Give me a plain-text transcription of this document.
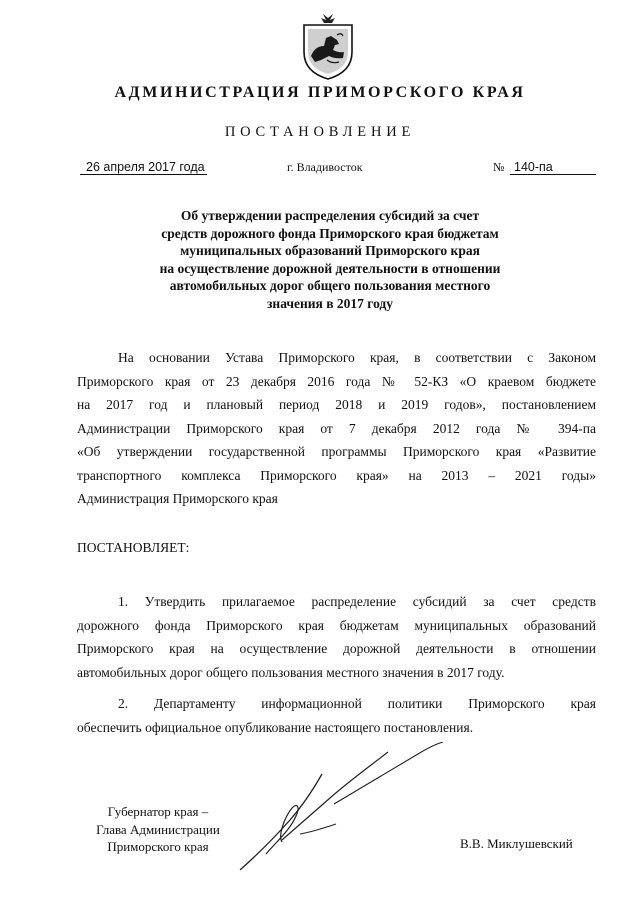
АДМИНИСТРАЦИЯ ПРИМОРСКОГО КРАЯ
ПОСТАНОВЛЕНИЕ
26 апреля 2017 года	г. Владивосток	№ 140-па
Об утверждении распределения субсидий за счет
средств дорожного фонда Приморского края бюджетам
муниципальных образований Приморского края
на осуществление дорожной деятельности в отношении
автомобильных дорог общего пользования местного
значения в 2017 году
На основании Устава Приморского края, в соответствии с Законом
Приморского края от 23 декабря 2016 года № 52-КЗ «О краевом бюджете
на 2017 год и плановый период 2018 и 2019 годов», постановлением
Администрации Приморского края от 7 декабря 2012 года № 394-па
«Об утверждении государственной программы Приморского края «Развитие
транспортного комплекса Приморского края» на 2013 – 2021 годы»
Администрация Приморского края
ПОСТАНОВЛЯЕТ:
1. Утвердить прилагаемое распределение субсидий за счет средств
дорожного фонда Приморского края бюджетам муниципальных образований
Приморского края на осуществление дорожной деятельности в отношении
автомобильных дорог общего пользования местного значения в 2017 году.
2. Департаменту информационной политики Приморского края
обеспечить официальное опубликование настоящего постановления.
Губернатор края –
Глава Администрации
Приморского края	В.В. Миклушевский
